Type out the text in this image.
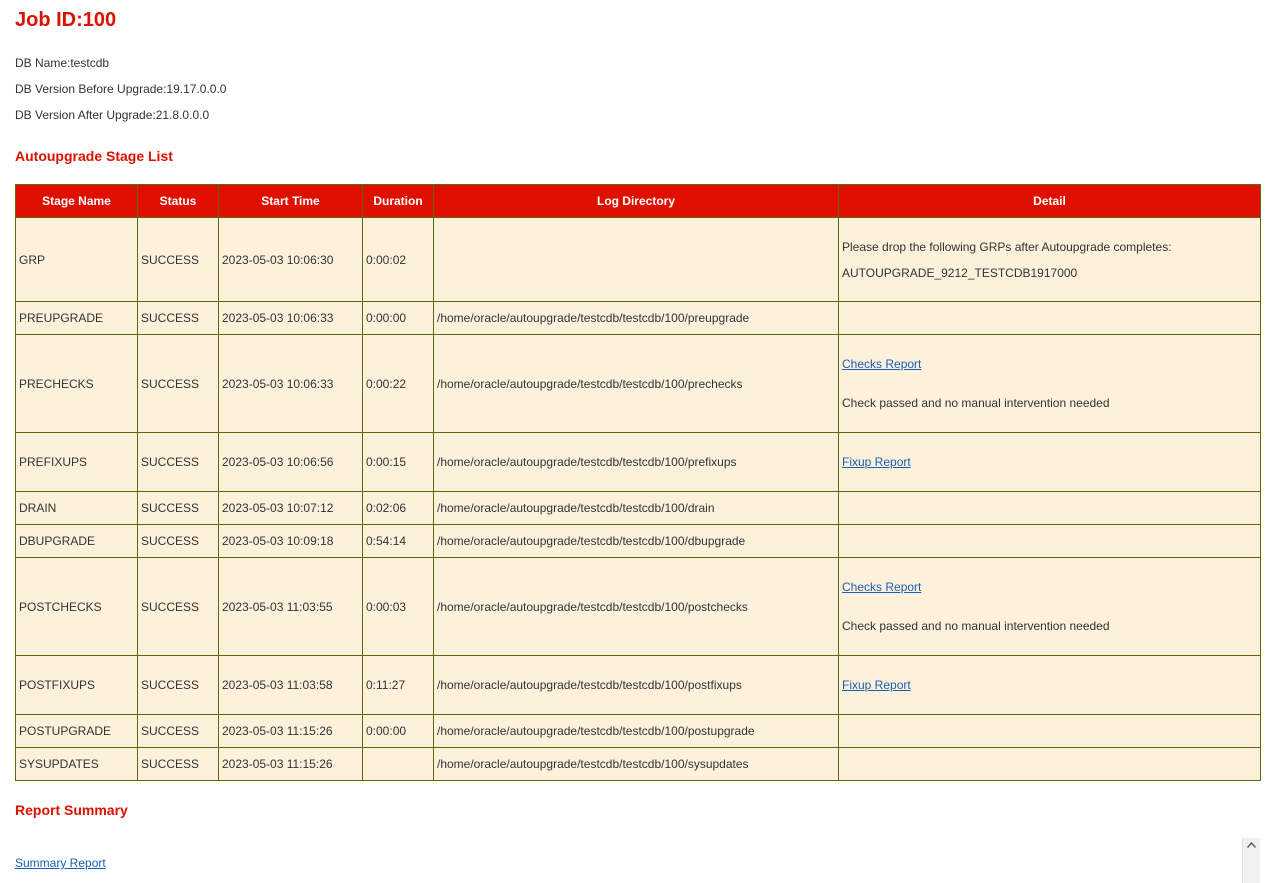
Job ID:100
DB Name:testcdb
DB Version Before Upgrade:19.17.0.0.0
DB Version After Upgrade:21.8.0.0.0
Autoupgrade Stage List
Stage Name	Status	Start Time	Duration	Log Directory	Detail
GRP	SUCCESS	2023-05-03 10:06:30	0:00:02		Please drop the following GRPs after Autoupgrade completes:
AUTOUPGRADE_9212_TESTCDB1917000

PREUPGRADE	SUCCESS	2023-05-03 10:06:33	0:00:00	/home/oracle/autoupgrade/testcdb/testcdb/100/preupgrade	
PRECHECKS	SUCCESS	2023-05-03 10:06:33	0:00:22	/home/oracle/autoupgrade/testcdb/testcdb/100/prechecks	Checks Report
Check passed and no manual intervention needed

PREFIXUPS	SUCCESS	2023-05-03 10:06:56	0:00:15	/home/oracle/autoupgrade/testcdb/testcdb/100/prefixups	Fixup Report

DRAIN	SUCCESS	2023-05-03 10:07:12	0:02:06	/home/oracle/autoupgrade/testcdb/testcdb/100/drain	
DBUPGRADE	SUCCESS	2023-05-03 10:09:18	0:54:14	/home/oracle/autoupgrade/testcdb/testcdb/100/dbupgrade	
POSTCHECKS	SUCCESS	2023-05-03 11:03:55	0:00:03	/home/oracle/autoupgrade/testcdb/testcdb/100/postchecks	Checks Report
Check passed and no manual intervention needed

POSTFIXUPS	SUCCESS	2023-05-03 11:03:58	0:11:27	/home/oracle/autoupgrade/testcdb/testcdb/100/postfixups	Fixup Report

POSTUPGRADE	SUCCESS	2023-05-03 11:15:26	0:00:00	/home/oracle/autoupgrade/testcdb/testcdb/100/postupgrade	
SYSUPDATES	SUCCESS	2023-05-03 11:15:26		/home/oracle/autoupgrade/testcdb/testcdb/100/sysupdates	
Report Summary
Summary Report
